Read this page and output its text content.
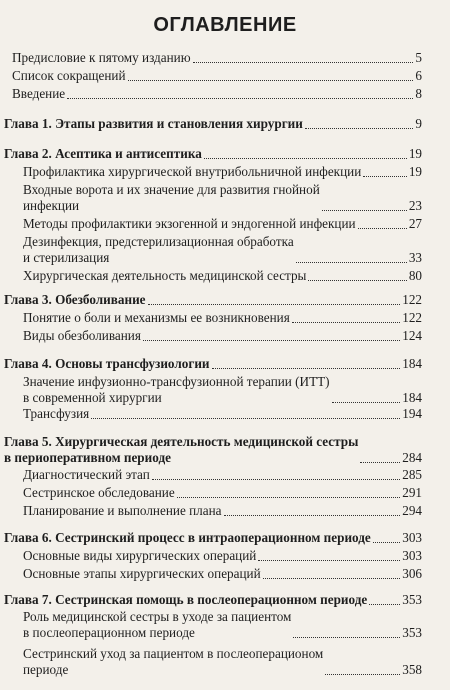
ОГЛАВЛЕНИЕ
Предисловие к пятому изданию	5
Список сокращений	6
Введение	8
Глава 1. Этапы развития и становления хирургии	9
Глава 2. Асептика и антисептика	19
Профилактика хирургической внутрибольничной инфекции	19
Входные ворота и их значение для развития гнойной
инфекции	23
Методы профилактики экзогенной и эндогенной инфекции	27
Дезинфекция, предстерилизационная обработка
и стерилизация	33
Хирургическая деятельность медицинской сестры	80
Глава 3. Обезболивание	122
Понятие о боли и механизмы ее возникновения	122
Виды обезболивания	124
Глава 4. Основы трансфузиологии	184
Значение инфузионно-трансфузионной терапии (ИТТ)
в современной хирургии	184
Трансфузия	194
Глава 5. Хирургическая деятельность медицинской сестры
в периоперативном периоде	284
Диагностический этап	285
Сестринское обследование	291
Планирование и выполнение плана	294
Глава 6. Сестринский процесс в интраоперационном периоде 303
Основные виды хирургических операций	303
Основные этапы хирургических операций	306
Глава 7. Сестринская помощь в послеоперационном периоде	353
Роль медицинской сестры в уходе за пациентом
в послеоперационном периоде	353
Сестринский уход за пациентом в послеоперационом
периоде	358
